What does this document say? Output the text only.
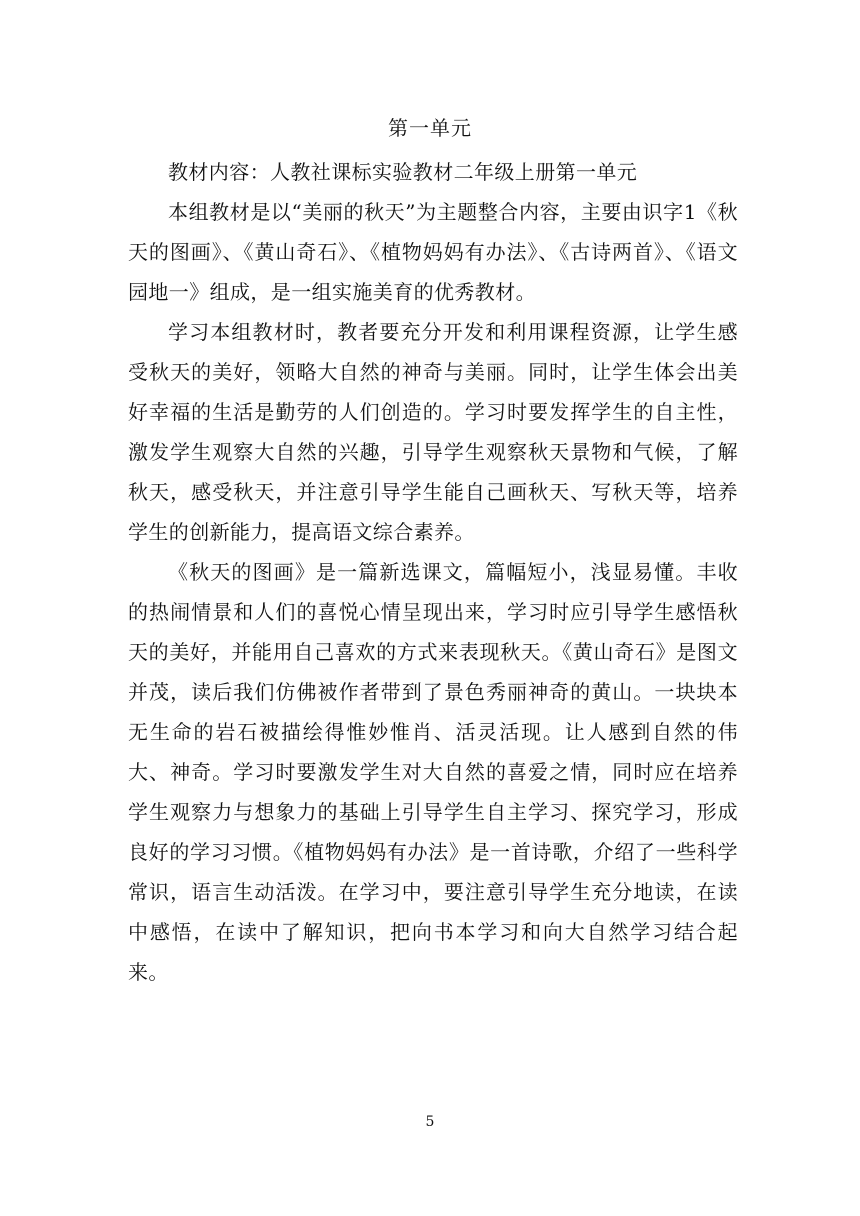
第一单元

教材内容：人教社课标实验教材二年级上册第一单元

本组教材是以“美丽的秋天”为主题整合内容，主要由识字1《秋天的图画》、《黄山奇石》、《植物妈妈有办法》、《古诗两首》、《语文园地一》组成，是一组实施美育的优秀教材。

学习本组教材时，教者要充分开发和利用课程资源，让学生感受秋天的美好，领略大自然的神奇与美丽。同时，让学生体会出美好幸福的生活是勤劳的人们创造的。学习时要发挥学生的自主性，激发学生观察大自然的兴趣，引导学生观察秋天景物和气候，了解秋天，感受秋天，并注意引导学生能自己画秋天、写秋天等，培养学生的创新能力，提高语文综合素养。

《秋天的图画》是一篇新选课文，篇幅短小，浅显易懂。丰收的热闹情景和人们的喜悦心情呈现出来，学习时应引导学生感悟秋天的美好，并能用自己喜欢的方式来表现秋天。《黄山奇石》是图文并茂，读后我们仿佛被作者带到了景色秀丽神奇的黄山。一块块本无生命的岩石被描绘得惟妙惟肖、活灵活现。让人感到自然的伟大、神奇。学习时要激发学生对大自然的喜爱之情，同时应在培养学生观察力与想象力的基础上引导学生自主学习、探究学习，形成良好的学习习惯。《植物妈妈有办法》是一首诗歌，介绍了一些科学常识，语言生动活泼。在学习中，要注意引导学生充分地读，在读中感悟，在读中了解知识，把向书本学习和向大自然学习结合起来。

5
